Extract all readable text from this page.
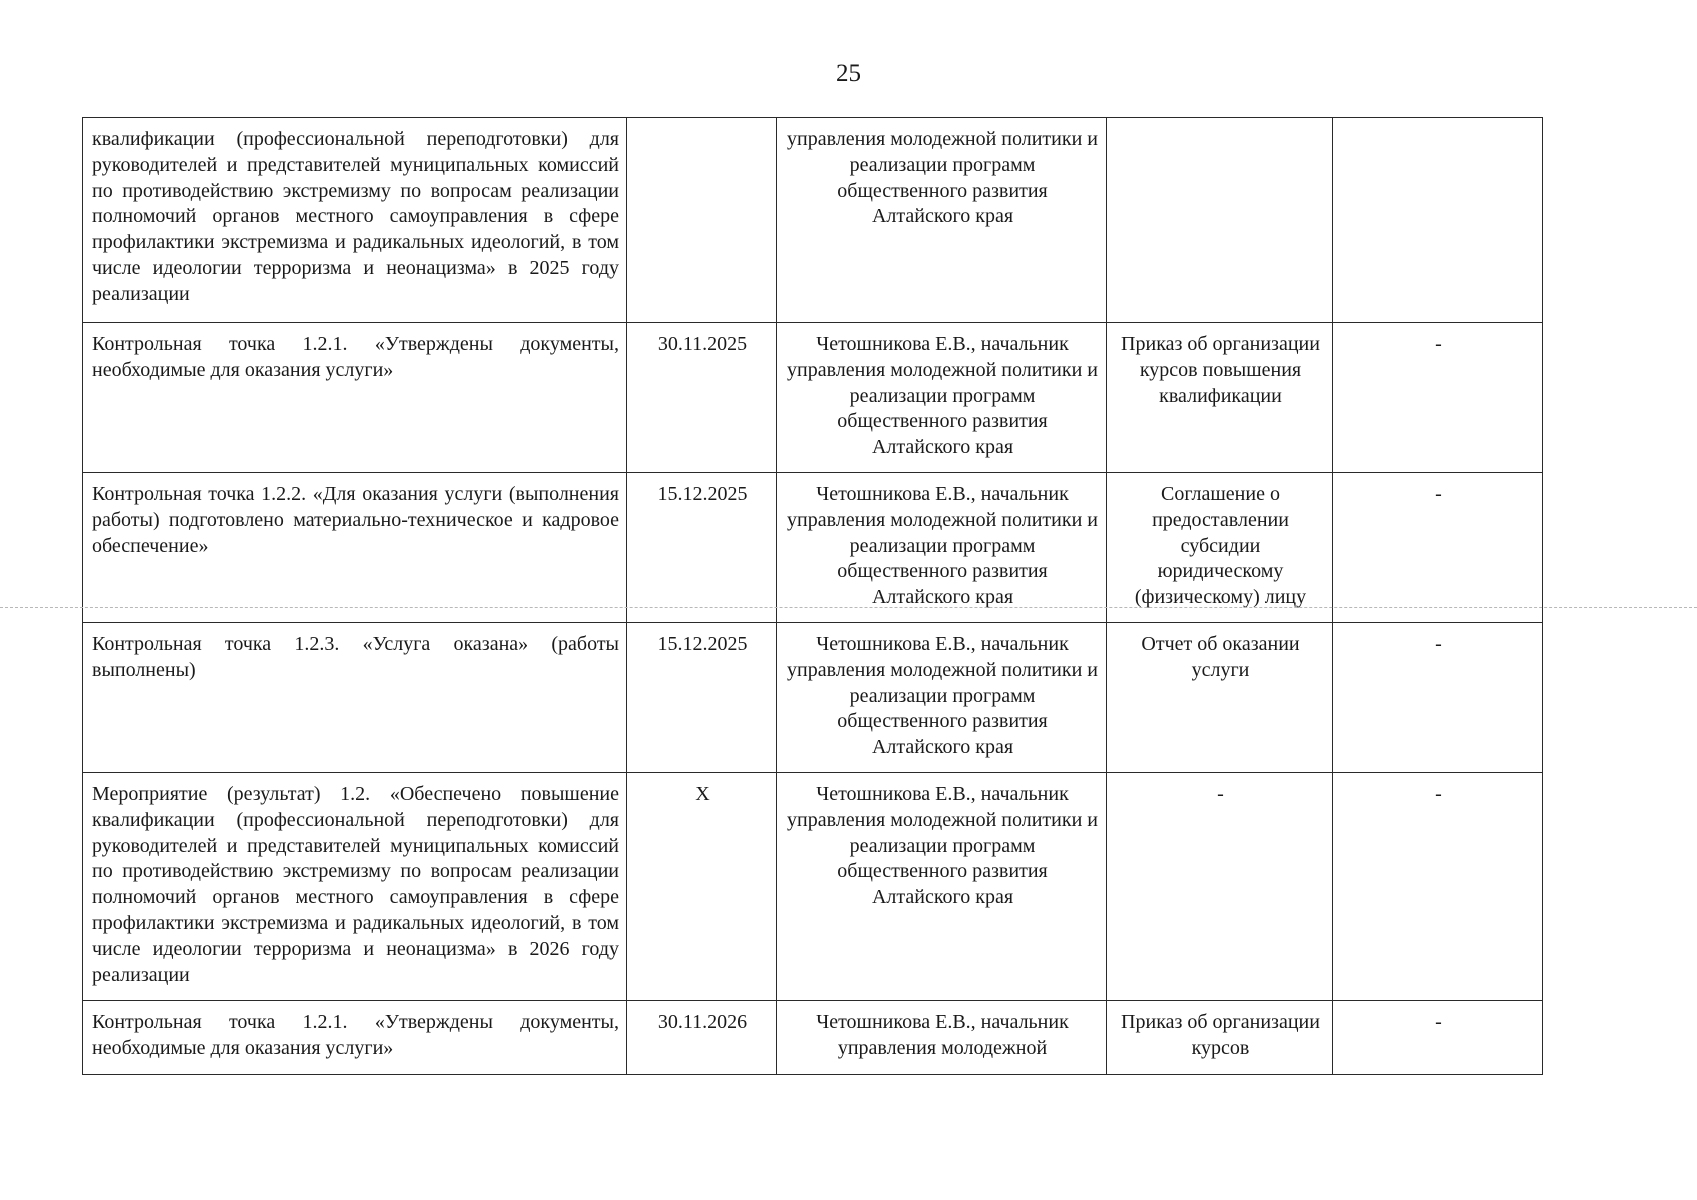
25
квалификации (профессиональной переподготовки) для руководителей и представителей муниципальных комиссий по противодействию экстремизму по вопросам реализации полномочий органов местного самоуправления в сфере профилактики экстремизма и радикальных идеологий, в том числе идеологии терроризма и неонацизма» в 2025 году реализации		управления молодежной политики и реализации программ общественного развития Алтайского края		
Контрольная точка 1.2.1. «Утверждены документы, необходимые для оказания услуги»	30.11.2025	Четошникова Е.В., начальник управления молодежной политики и реализации программ общественного развития Алтайского края	Приказ об организации курсов повышения квалификации	-
Контрольная точка 1.2.2. «Для оказания услуги (выполнения работы) подготовлено материально-техническое и кадровое обеспечение»	15.12.2025	Четошникова Е.В., начальник управления молодежной политики и реализации программ общественного развития Алтайского края	Соглашение о предоставлении субсидии юридическому (физическому) лицу	-
Контрольная точка 1.2.3. «Услуга оказана» (работы выполнены)	15.12.2025	Четошникова Е.В., начальник управления молодежной политики и реализации программ общественного развития Алтайского края	Отчет об оказании услуги	-
Мероприятие (результат) 1.2. «Обеспечено повышение квалификации (профессиональной переподготовки) для руководителей и представителей муниципальных комиссий по противодействию экстремизму по вопросам реализации полномочий органов местного самоуправления в сфере профилактики экстремизма и радикальных идеологий, в том числе идеологии терроризма и неонацизма» в 2026 году реализации	X	Четошникова Е.В., начальник управления молодежной политики и реализации программ общественного развития Алтайского края	-	-
Контрольная точка 1.2.1. «Утверждены документы, необходимые для оказания услуги»	30.11.2026	Четошникова Е.В., начальник управления молодежной	Приказ об организации курсов	-
